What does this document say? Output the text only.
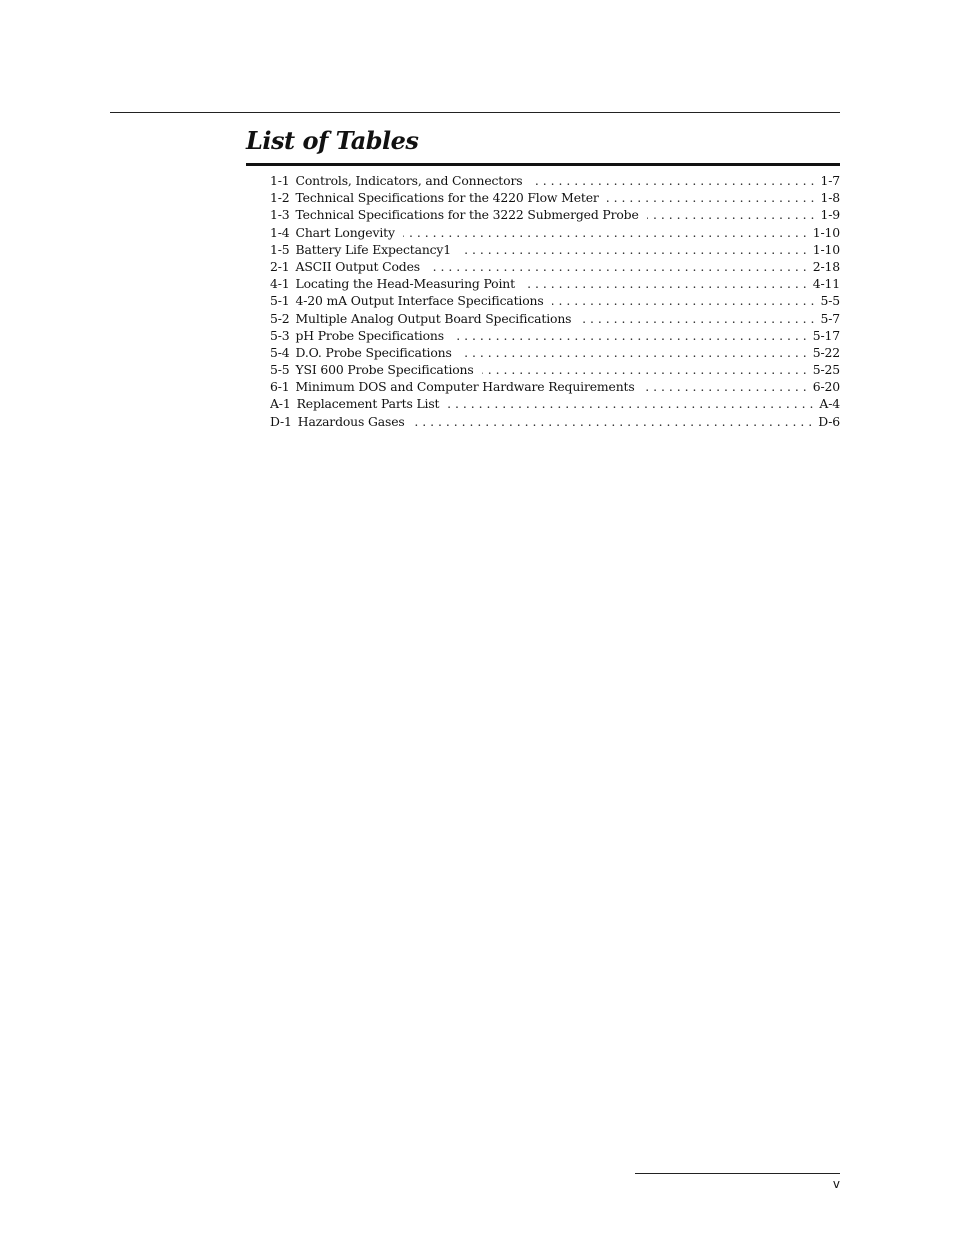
List of Tables
1-1 Controls, Indicators, and Connectors . . .	1-7
1-2 Technical Specifications for the 4220 Flow Meter . . .	1-8
1-3 Technical Specifications for the 3222 Submerged Probe . . .	1-9
1-4 Chart Longevity . . .	1-10
1-5 Battery Life Expectancy1 . . .	1-10
2-1 ASCII Output Codes . . .	2-18
4-1 Locating the Head-Measuring Point . . .	4-11
5-1 4-20 mA Output Interface Specifications . . .	5-5
5-2 Multiple Analog Output Board Specifications . . .	5-7
5-3 pH Probe Specifications . . .	5-17
5-4 D.O. Probe Specifications . . .	5-22
5-5 YSI 600 Probe Specifications . . .	5-25
6-1 Minimum DOS and Computer Hardware Requirements . . .	6-20
A-1 Replacement Parts List . . .	A-4
D-1 Hazardous Gases . . .	D-6
v
